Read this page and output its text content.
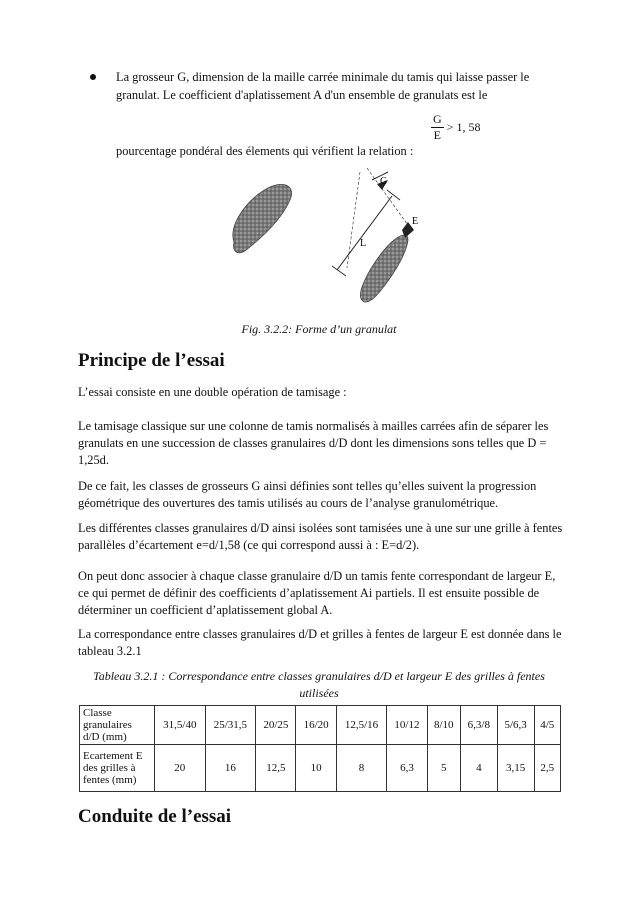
La grosseur G, dimension de la maille carrée minimale du tamis qui laisse passer le

granulat. Le coefficient d'aplatissement A d'un ensemble de granulats est le

pourcentage pondéral des élements qui vérifient la relation :
$\frac{G}{E} > 1$, 58
G
E
L
Fig. 3.2.2: Forme d’un granulat
Principe de l’essai

L’essai consiste en une double opération de tamisage :

Le tamisage classique sur une colonne de tamis normalisés à mailles carrées afin de séparer les granulats en une succession de classes granulaires d/D dont les dimensions sons telles que D = 1,25d.

De ce fait, les classes de grosseurs G ainsi définies sont telles qu’elles suivent la progression géométrique des ouvertures des tamis utilisés au cours de l’analyse granulométrique.

Les différentes classes granulaires d/D ainsi isolées sont tamisées une à une sur une grille à fentes parallèles d’écartement e=d/1,58 (ce qui correspond aussi à : E=d/2).

On peut donc associer à chaque classe granulaire d/D un tamis fente correspondant de largeur E, ce qui permet de définir des coefficients d’aplatissement Ai partiels. Il est ensuite possible de déterminer un coefficient d’aplatissement global A.

La correspondance entre classes granulaires d/D et grilles à fentes de largeur E est donnée dans le tableau 3.2.1

Tableau 3.2.1 : Correspondance entre classes granulaires d/D et largeur E des grilles à fentes utilisées
Classe granulaires d/D (mm)	31,5/40	25/31,5	20/25	16/20	12,5/16	10/12	8/10	6,3/8	5/6,3	4/5
Ecartement E des grilles à fentes (mm)	20	16	12,5	10	8	6,3	5	4	3,15	2,5
Conduite de l’essai
